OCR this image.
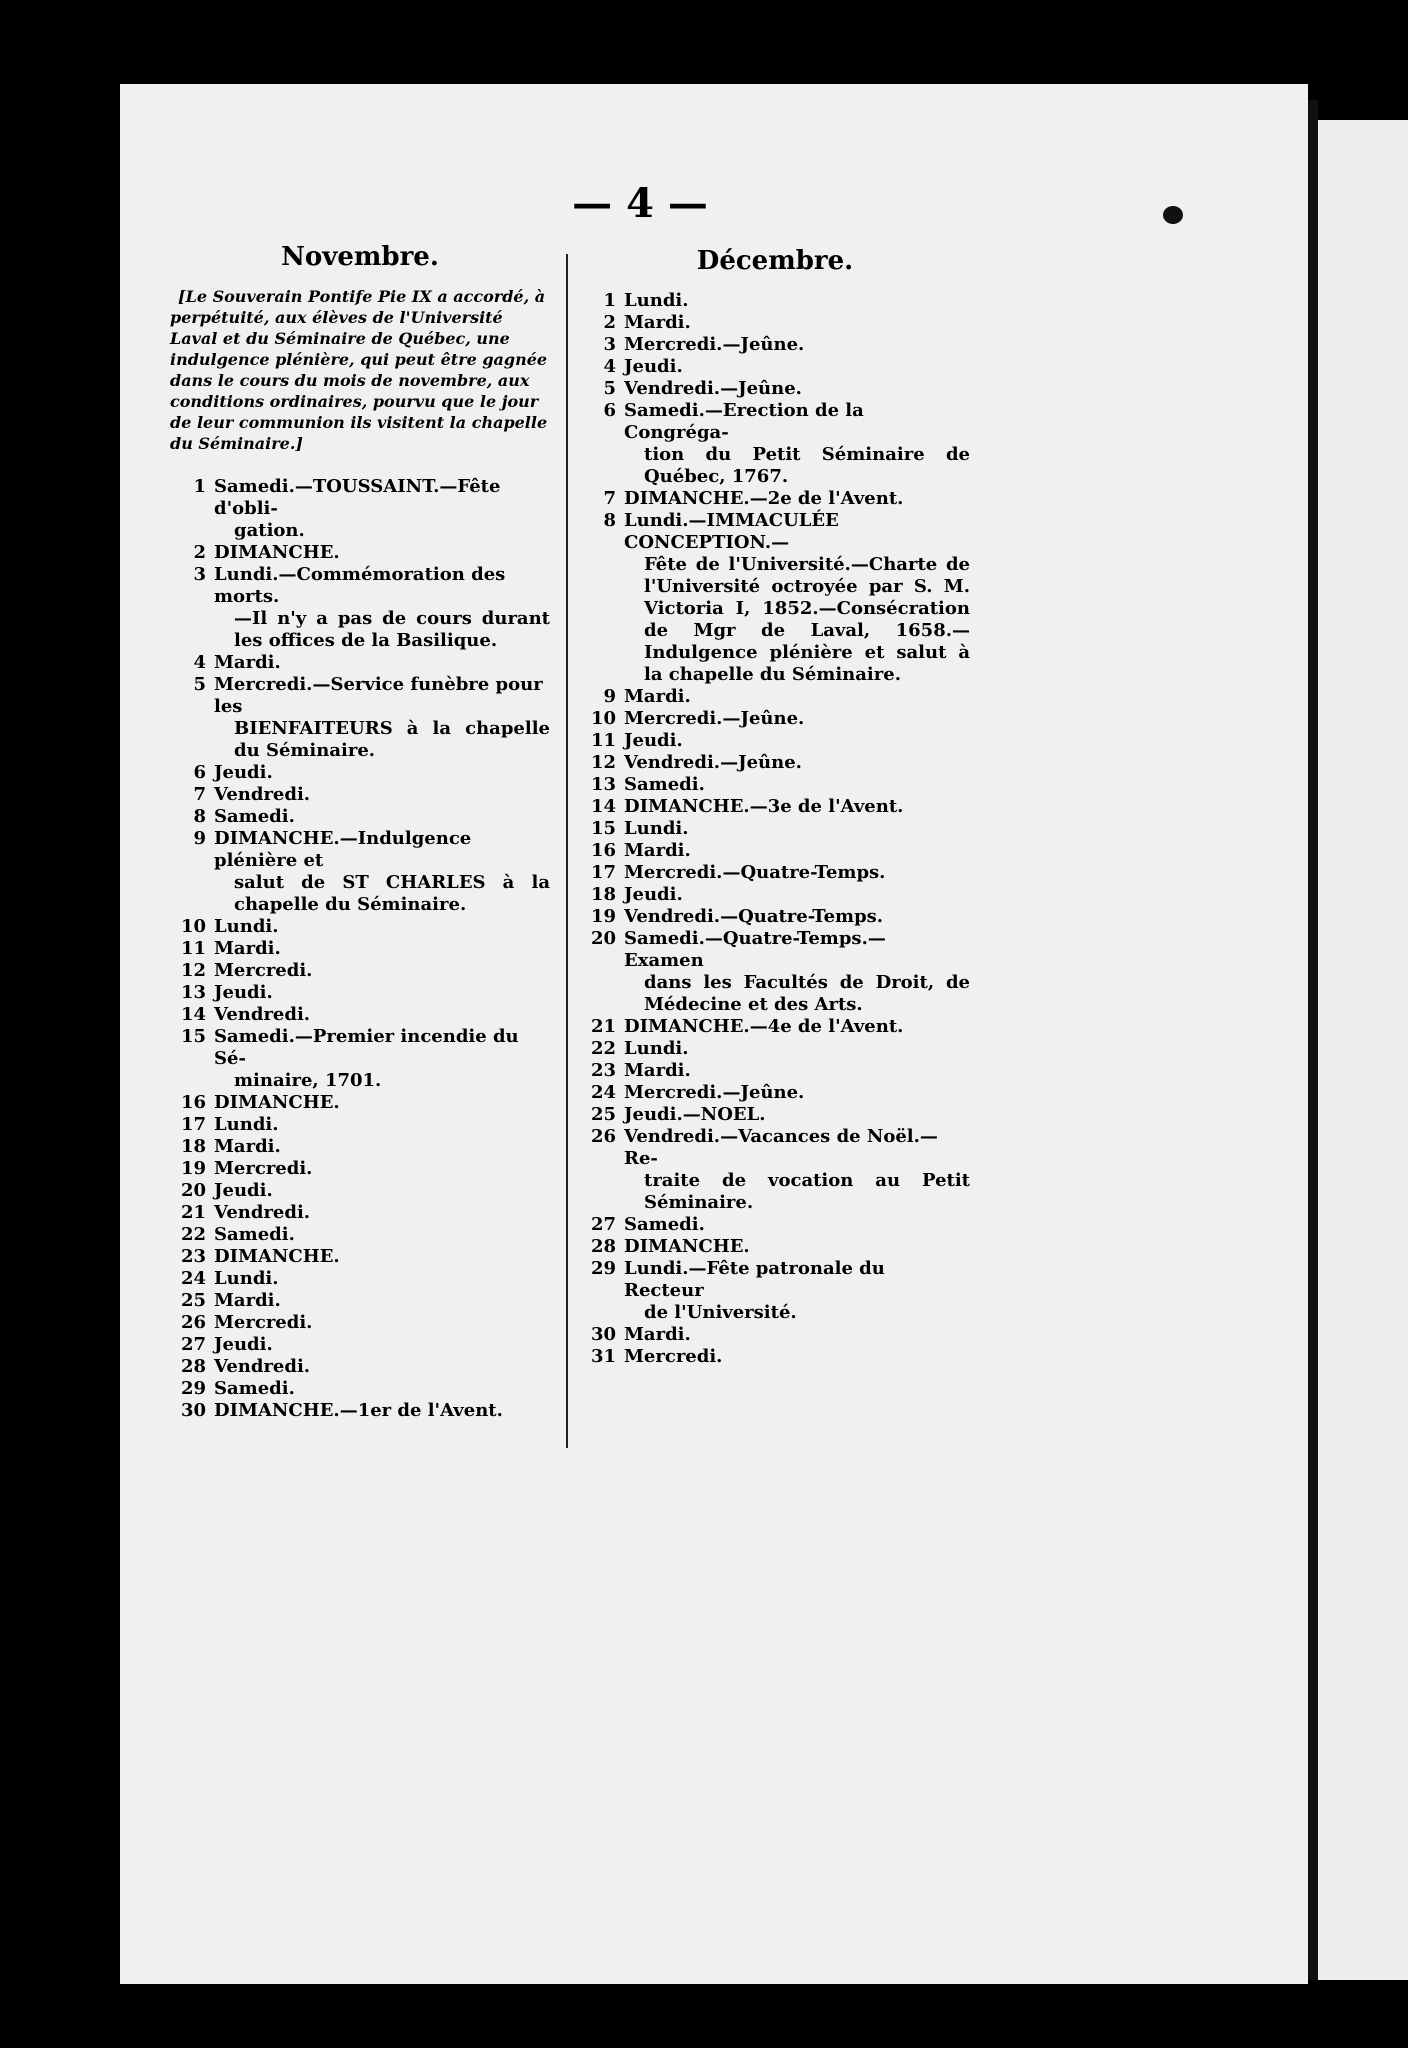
— 4 —
Novembre.
[Le Souverain Pontife Pie IX a accordé, à perpétuité, aux élèves de l'Université Laval et du Séminaire de Québec, une indulgence plénière, qui peut être gagnée dans le cours du mois de novembre, aux conditions ordinaires, pourvu que le jour de leur communion ils visitent la chapelle du Séminaire.]
1 Samedi.—TOUSSAINT.—Fête d'obli-
gation.
2 DIMANCHE.
3 Lundi.—Commémoration des morts.
—Il n'y a pas de cours durant les offices de la Basilique.
4 Mardi.
5 Mercredi.—Service funèbre pour les
BIENFAITEURS à la chapelle du Séminaire.
6 Jeudi.
7 Vendredi.
8 Samedi.
9 DIMANCHE.—Indulgence plénière et
salut de ST CHARLES à la chapelle du Séminaire.
10 Lundi.
11 Mardi.
12 Mercredi.
13 Jeudi.
14 Vendredi.
15 Samedi.—Premier incendie du Sé-
minaire, 1701.
16 DIMANCHE.
17 Lundi.
18 Mardi.
19 Mercredi.
20 Jeudi.
21 Vendredi.
22 Samedi.
23 DIMANCHE.
24 Lundi.
25 Mardi.
26 Mercredi.
27 Jeudi.
28 Vendredi.
29 Samedi.
30 DIMANCHE.—1er de l'Avent.
Décembre.
1 Lundi.
2 Mardi.
3 Mercredi.—Jeûne.
4 Jeudi.
5 Vendredi.—Jeûne.
6 Samedi.—Erection de la Congréga-
tion du Petit Séminaire de Québec, 1767.
7 DIMANCHE.—2e de l'Avent.
8 Lundi.—IMMACULÉE CONCEPTION.—
Fête de l'Université.—Charte de l'Université octroyée par S. M. Victoria I, 1852.—Consécration de Mgr de Laval, 1658.—Indulgence plénière et salut à la chapelle du Séminaire.
9 Mardi.
10 Mercredi.—Jeûne.
11 Jeudi.
12 Vendredi.—Jeûne.
13 Samedi.
14 DIMANCHE.—3e de l'Avent.
15 Lundi.
16 Mardi.
17 Mercredi.—Quatre-Temps.
18 Jeudi.
19 Vendredi.—Quatre-Temps.
20 Samedi.—Quatre-Temps.— Examen
dans les Facultés de Droit, de Médecine et des Arts.
21 DIMANCHE.—4e de l'Avent.
22 Lundi.
23 Mardi.
24 Mercredi.—Jeûne.
25 Jeudi.—NOEL.
26 Vendredi.—Vacances de Noël.—Re-
traite de vocation au Petit Séminaire.
27 Samedi.
28 DIMANCHE.
29 Lundi.—Fête patronale du Recteur
de l'Université.
30 Mardi.
31 Mercredi.
